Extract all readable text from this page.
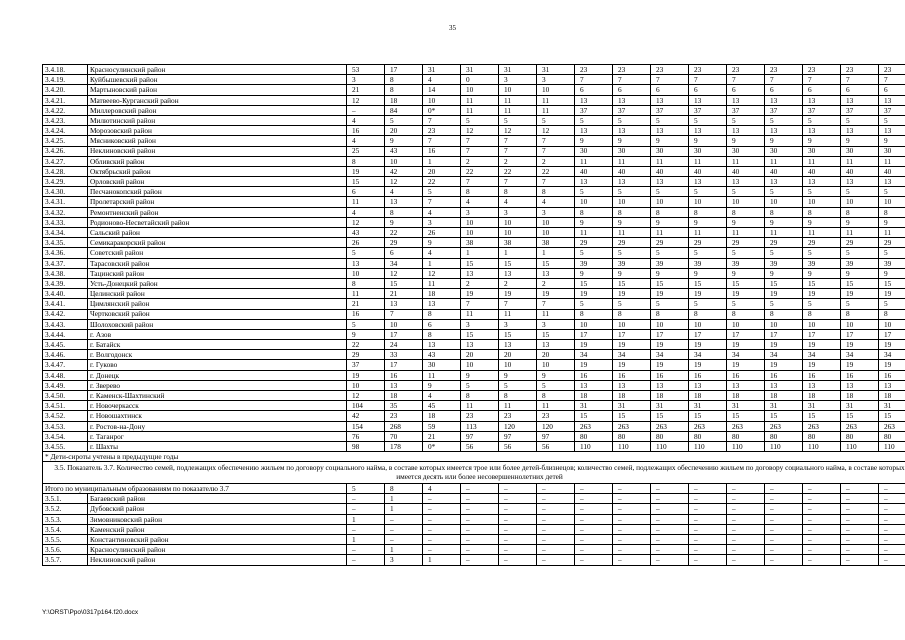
35
3.4.18.	Красносулинский район	53	17	31	31	31	31	23	23	23	23	23	23	23	23	23
3.4.19.	Куйбышевский район	3	8	4	0	3	3	7	7	7	7	7	7	7	7	7
3.4.20.	Мартыновский район	21	8	14	10	10	10	6	6	6	6	6	6	6	6	6
3.4.21.	Матвеево-Курганский район	12	18	10	11	11	11	13	13	13	13	13	13	13	13	13
3.4.22.	Миллеровский район	–	84	0*	11	11	11	37	37	37	37	37	37	37	37	37
3.4.23.	Милютинский район	4	5	7	5	5	5	5	5	5	5	5	5	5	5	5
3.4.24.	Морозовский район	16	20	23	12	12	12	13	13	13	13	13	13	13	13	13
3.4.25.	Мясниковский район	4	9	7	7	7	7	9	9	9	9	9	9	9	9	9
3.4.26.	Неклиновский район	25	43	16	7	7	7	30	30	30	30	30	30	30	30	30
3.4.27.	Обливский район	8	10	1	2	2	2	11	11	11	11	11	11	11	11	11
3.4.28.	Октябрьский район	19	42	20	22	22	22	40	40	40	40	40	40	40	40	40
3.4.29.	Орловский район	15	12	22	7	7	7	13	13	13	13	13	13	13	13	13
3.4.30.	Песчанокопский район	6	4	5	8	8	8	5	5	5	5	5	5	5	5	5
3.4.31.	Пролетарский район	11	13	7	4	4	4	10	10	10	10	10	10	10	10	10
3.4.32.	Ремонтненский район	4	8	4	3	3	3	8	8	8	8	8	8	8	8	8
3.4.33.	Родионово-Несветайский район	12	9	3	10	10	10	9	9	9	9	9	9	9	9	9
3.4.34.	Сальский район	43	22	26	10	10	10	11	11	11	11	11	11	11	11	11
3.4.35.	Семикаракорский район	26	29	9	38	38	38	29	29	29	29	29	29	29	29	29
3.4.36.	Советский район	5	6	4	1	1	1	5	5	5	5	5	5	5	5	5
3.4.37.	Тарасовский район	13	34	1	15	15	15	39	39	39	39	39	39	39	39	39
3.4.38.	Тацинский район	10	12	12	13	13	13	9	9	9	9	9	9	9	9	9
3.4.39.	Усть-Донецкий район	8	15	11	2	2	2	15	15	15	15	15	15	15	15	15
3.4.40.	Целинский район	11	21	18	19	19	19	19	19	19	19	19	19	19	19	19
3.4.41.	Цимлянский район	21	13	13	7	7	7	5	5	5	5	5	5	5	5	5
3.4.42.	Чертковский район	16	7	8	11	11	11	8	8	8	8	8	8	8	8	8
3.4.43.	Шолоховский район	5	10	6	3	3	3	10	10	10	10	10	10	10	10	10
3.4.44.	г. Азов	9	17	8	15	15	15	17	17	17	17	17	17	17	17	17
3.4.45.	г. Батайск	22	24	13	13	13	13	19	19	19	19	19	19	19	19	19
3.4.46.	г. Волгодонск	29	33	43	20	20	20	34	34	34	34	34	34	34	34	34
3.4.47.	г. Гуково	37	17	30	10	10	10	19	19	19	19	19	19	19	19	19
3.4.48.	г. Донецк	19	16	11	9	9	9	16	16	16	16	16	16	16	16	16
3.4.49.	г. Зверево	10	13	9	5	5	5	13	13	13	13	13	13	13	13	13
3.4.50.	г. Каменск-Шахтинский	12	18	4	8	8	8	18	18	18	18	18	18	18	18	18
3.4.51.	г. Новочеркасск	104	35	45	11	11	11	31	31	31	31	31	31	31	31	31
3.4.52.	г. Новошахтинск	42	23	18	23	23	23	15	15	15	15	15	15	15	15	15
3.4.53.	г. Ростов-на-Дону	154	268	59	113	120	120	263	263	263	263	263	263	263	263	263
3.4.54.	г. Таганрог	76	70	21	97	97	97	80	80	80	80	80	80	80	80	80
3.4.55.	г. Шахты	98	178	0*	56	56	56	110	110	110	110	110	110	110	110	110
* Дети-сироты учтены в предыдущие годы																
3.5. Показатель 3.7. Количество семей, подлежащих обеспечению жильем по договору социального найма, в составе которых имеется трое или более детей-близнецов; количество семей, подлежащих обеспечению жильем по договору социального найма, в составе которых имеется десять или более несовершеннолетних детей																
Итого по муниципальным образованиям по показателю 3.7		5	8	4	–	–	–	–	–	–	–	–	–	–	–	–
3.5.1.	Багаевский район	–	1	–	–	–	–	–	–	–	–	–	–	–	–	–
3.5.2.	Дубовский район	–	1	–	–	–	–	–	–	–	–	–	–	–	–	–
3.5.3.	Зимовниковский район	1	–	–	–	–	–	–	–	–	–	–	–	–	–	–
3.5.4.	Каменский район	–	–	–	–	–	–	–	–	–	–	–	–	–	–	–
3.5.5.	Константиновский район	1	–	–	–	–	–	–	–	–	–	–	–	–	–	–
3.5.6.	Красносулинский район	–	1	–	–	–	–	–	–	–	–	–	–	–	–	–
3.5.7.	Неклиновский район	–	3	1	–	–	–	–	–	–	–	–	–	–	–	–
Y:\ORST\Ppo\0317p164.f20.docx
